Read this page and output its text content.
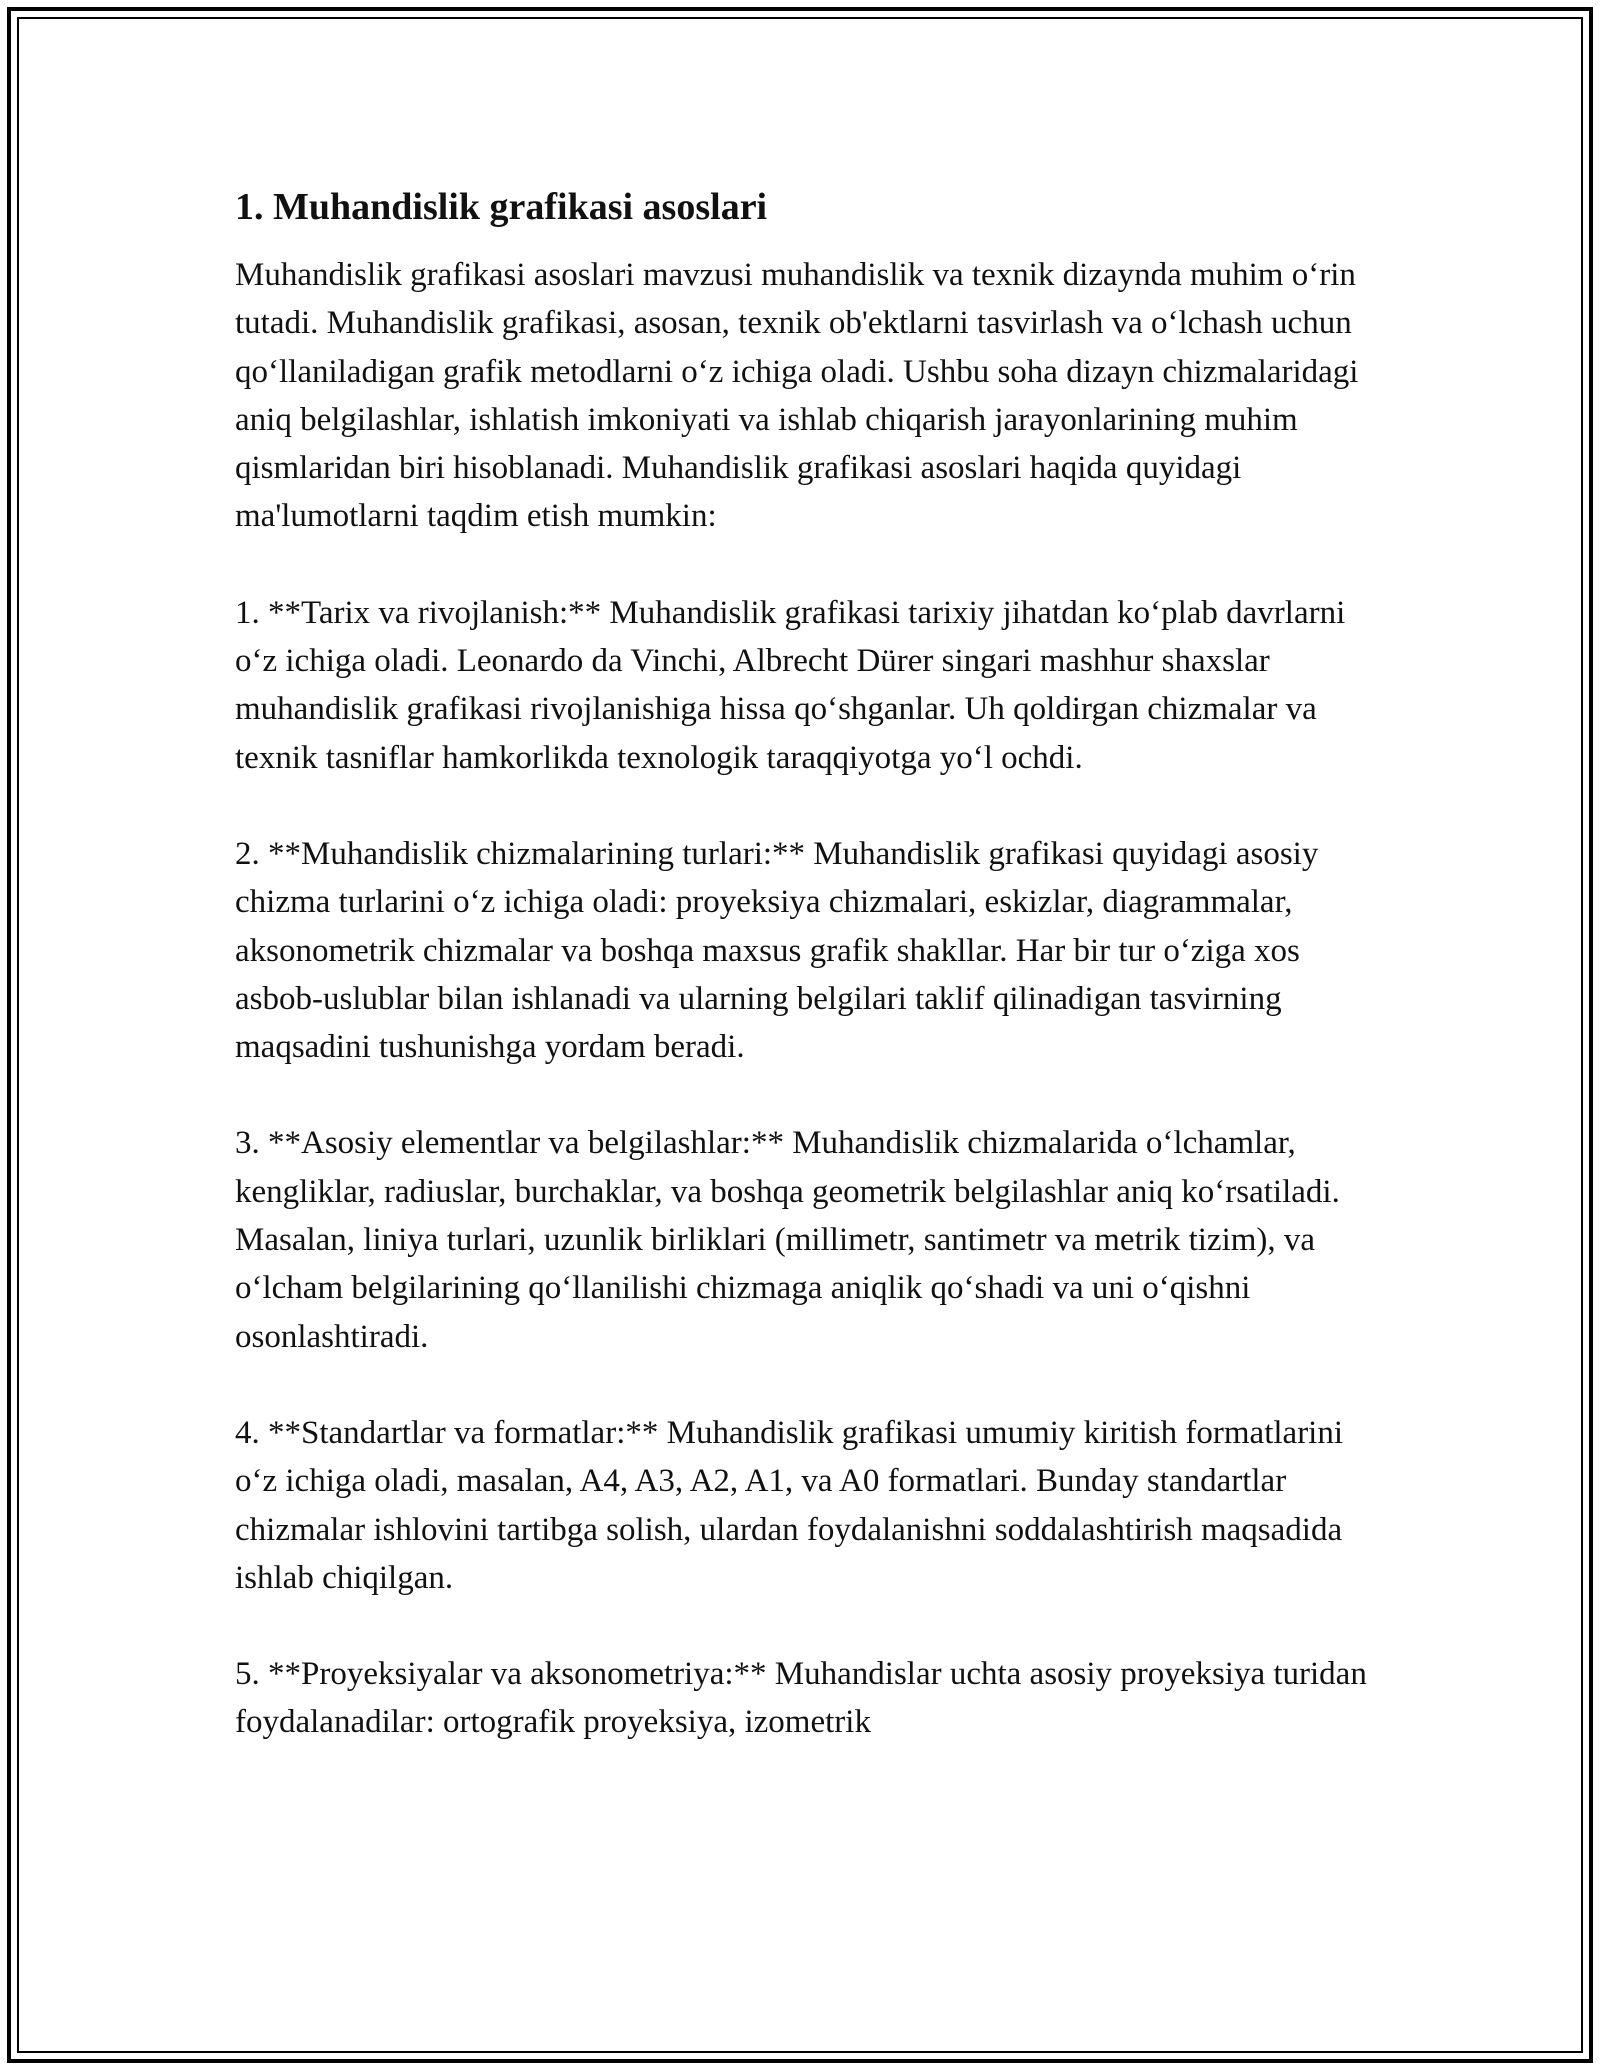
1. Muhandislik grafikasi asoslari

Muhandislik grafikasi asoslari mavzusi muhandislik va texnik dizaynda muhim o‘rin tutadi. Muhandislik grafikasi, asosan, texnik ob'ektlarni tasvirlash va o‘lchash uchun qo‘llaniladigan grafik metodlarni o‘z ichiga oladi. Ushbu soha dizayn chizmalaridagi aniq belgilashlar, ishlatish imkoniyati va ishlab chiqarish jarayonlarining muhim qismlaridan biri hisoblanadi. Muhandislik grafikasi asoslari haqida quyidagi ma'lumotlarni taqdim etish mumkin:

1. **Tarix va rivojlanish:** Muhandislik grafikasi tarixiy jihatdan ko‘plab davrlarni o‘z ichiga oladi. Leonardo da Vinchi, Albrecht Dürer singari mashhur shaxslar muhandislik grafikasi rivojlanishiga hissa qo‘shganlar. Uh qoldirgan chizmalar va texnik tasniflar hamkorlikda texnologik taraqqiyotga yo‘l ochdi.

2. **Muhandislik chizmalarining turlari:** Muhandislik grafikasi quyidagi asosiy chizma turlarini o‘z ichiga oladi: proyeksiya chizmalari, eskizlar, diagrammalar, aksonometrik chizmalar va boshqa maxsus grafik shakllar. Har bir tur o‘ziga xos asbob-uslublar bilan ishlanadi va ularning belgilari taklif qilinadigan tasvirning maqsadini tushunishga yordam beradi.

3. **Asosiy elementlar va belgilashlar:** Muhandislik chizmalarida o‘lchamlar, kengliklar, radiuslar, burchaklar, va boshqa geometrik belgilashlar aniq ko‘rsatiladi. Masalan, liniya turlari, uzunlik birliklari (millimetr, santimetr va metrik tizim), va o‘lcham belgilarining qo‘llanilishi chizmaga aniqlik qo‘shadi va uni o‘qishni osonlashtiradi.

4. **Standartlar va formatlar:** Muhandislik grafikasi umumiy kiritish formatlarini o‘z ichiga oladi, masalan, A4, A3, A2, A1, va A0 formatlari. Bunday standartlar chizmalar ishlovini tartibga solish, ulardan foydalanishni soddalashtirish maqsadida ishlab chiqilgan.

5. **Proyeksiyalar va aksonometriya:** Muhandislar uchta asosiy proyeksiya turidan foydalanadilar: ortografik proyeksiya, izometrik
